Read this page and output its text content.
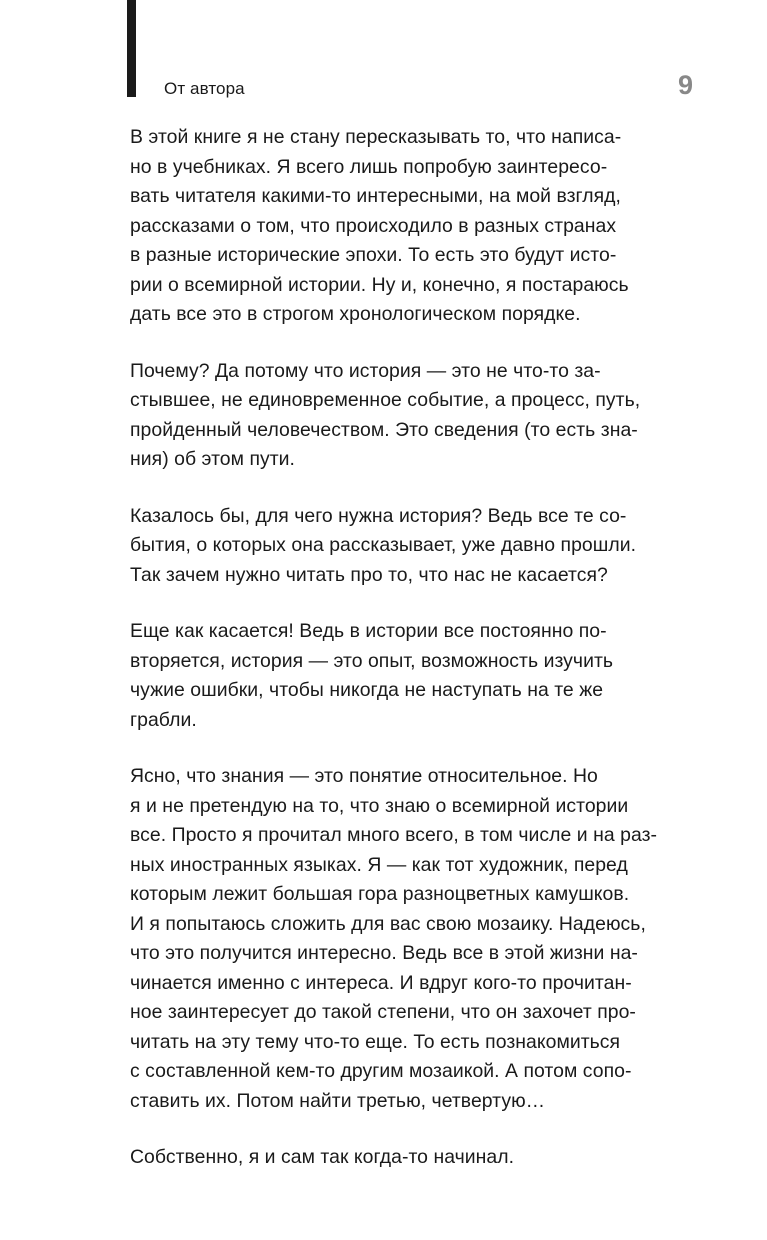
От автора	9
В этой книге я не стану пересказывать то, что написа-
но в учебниках. Я всего лишь попробую заинтересо-
вать читателя какими-то интересными, на мой взгляд,
рассказами о том, что происходило в разных странах
в разные исторические эпохи. То есть это будут исто-
рии о всемирной истории. Ну и, конечно, я постараюсь
дать все это в строгом хронологическом порядке.
Почему? Да потому что история — это не что-то за-
стывшее, не единовременное событие, а процесс, путь,
пройденный человечеством. Это сведения (то есть зна-
ния) об этом пути.
Казалось бы, для чего нужна история? Ведь все те со-
бытия, о которых она рассказывает, уже давно прошли.
Так зачем нужно читать про то, что нас не касается?
Еще как касается! Ведь в истории все постоянно по-
вторяется, история — это опыт, возможность изучить
чужие ошибки, чтобы никогда не наступать на те же
грабли.
Ясно, что знания — это понятие относительное. Но
я и не претендую на то, что знаю о всемирной истории
все. Просто я прочитал много всего, в том числе и на раз-
ных иностранных языках. Я — как тот художник, перед
которым лежит большая гора разноцветных камушков.
И я попытаюсь сложить для вас свою мозаику. Надеюсь,
что это получится интересно. Ведь все в этой жизни на-
чинается именно с интереса. И вдруг кого-то прочитан-
ное заинтересует до такой степени, что он захочет про-
читать на эту тему что-то еще. То есть познакомиться
с составленной кем-то другим мозаикой. А потом сопо-
ставить их. Потом найти третью, четвертую…
Собственно, я и сам так когда-то начинал.
